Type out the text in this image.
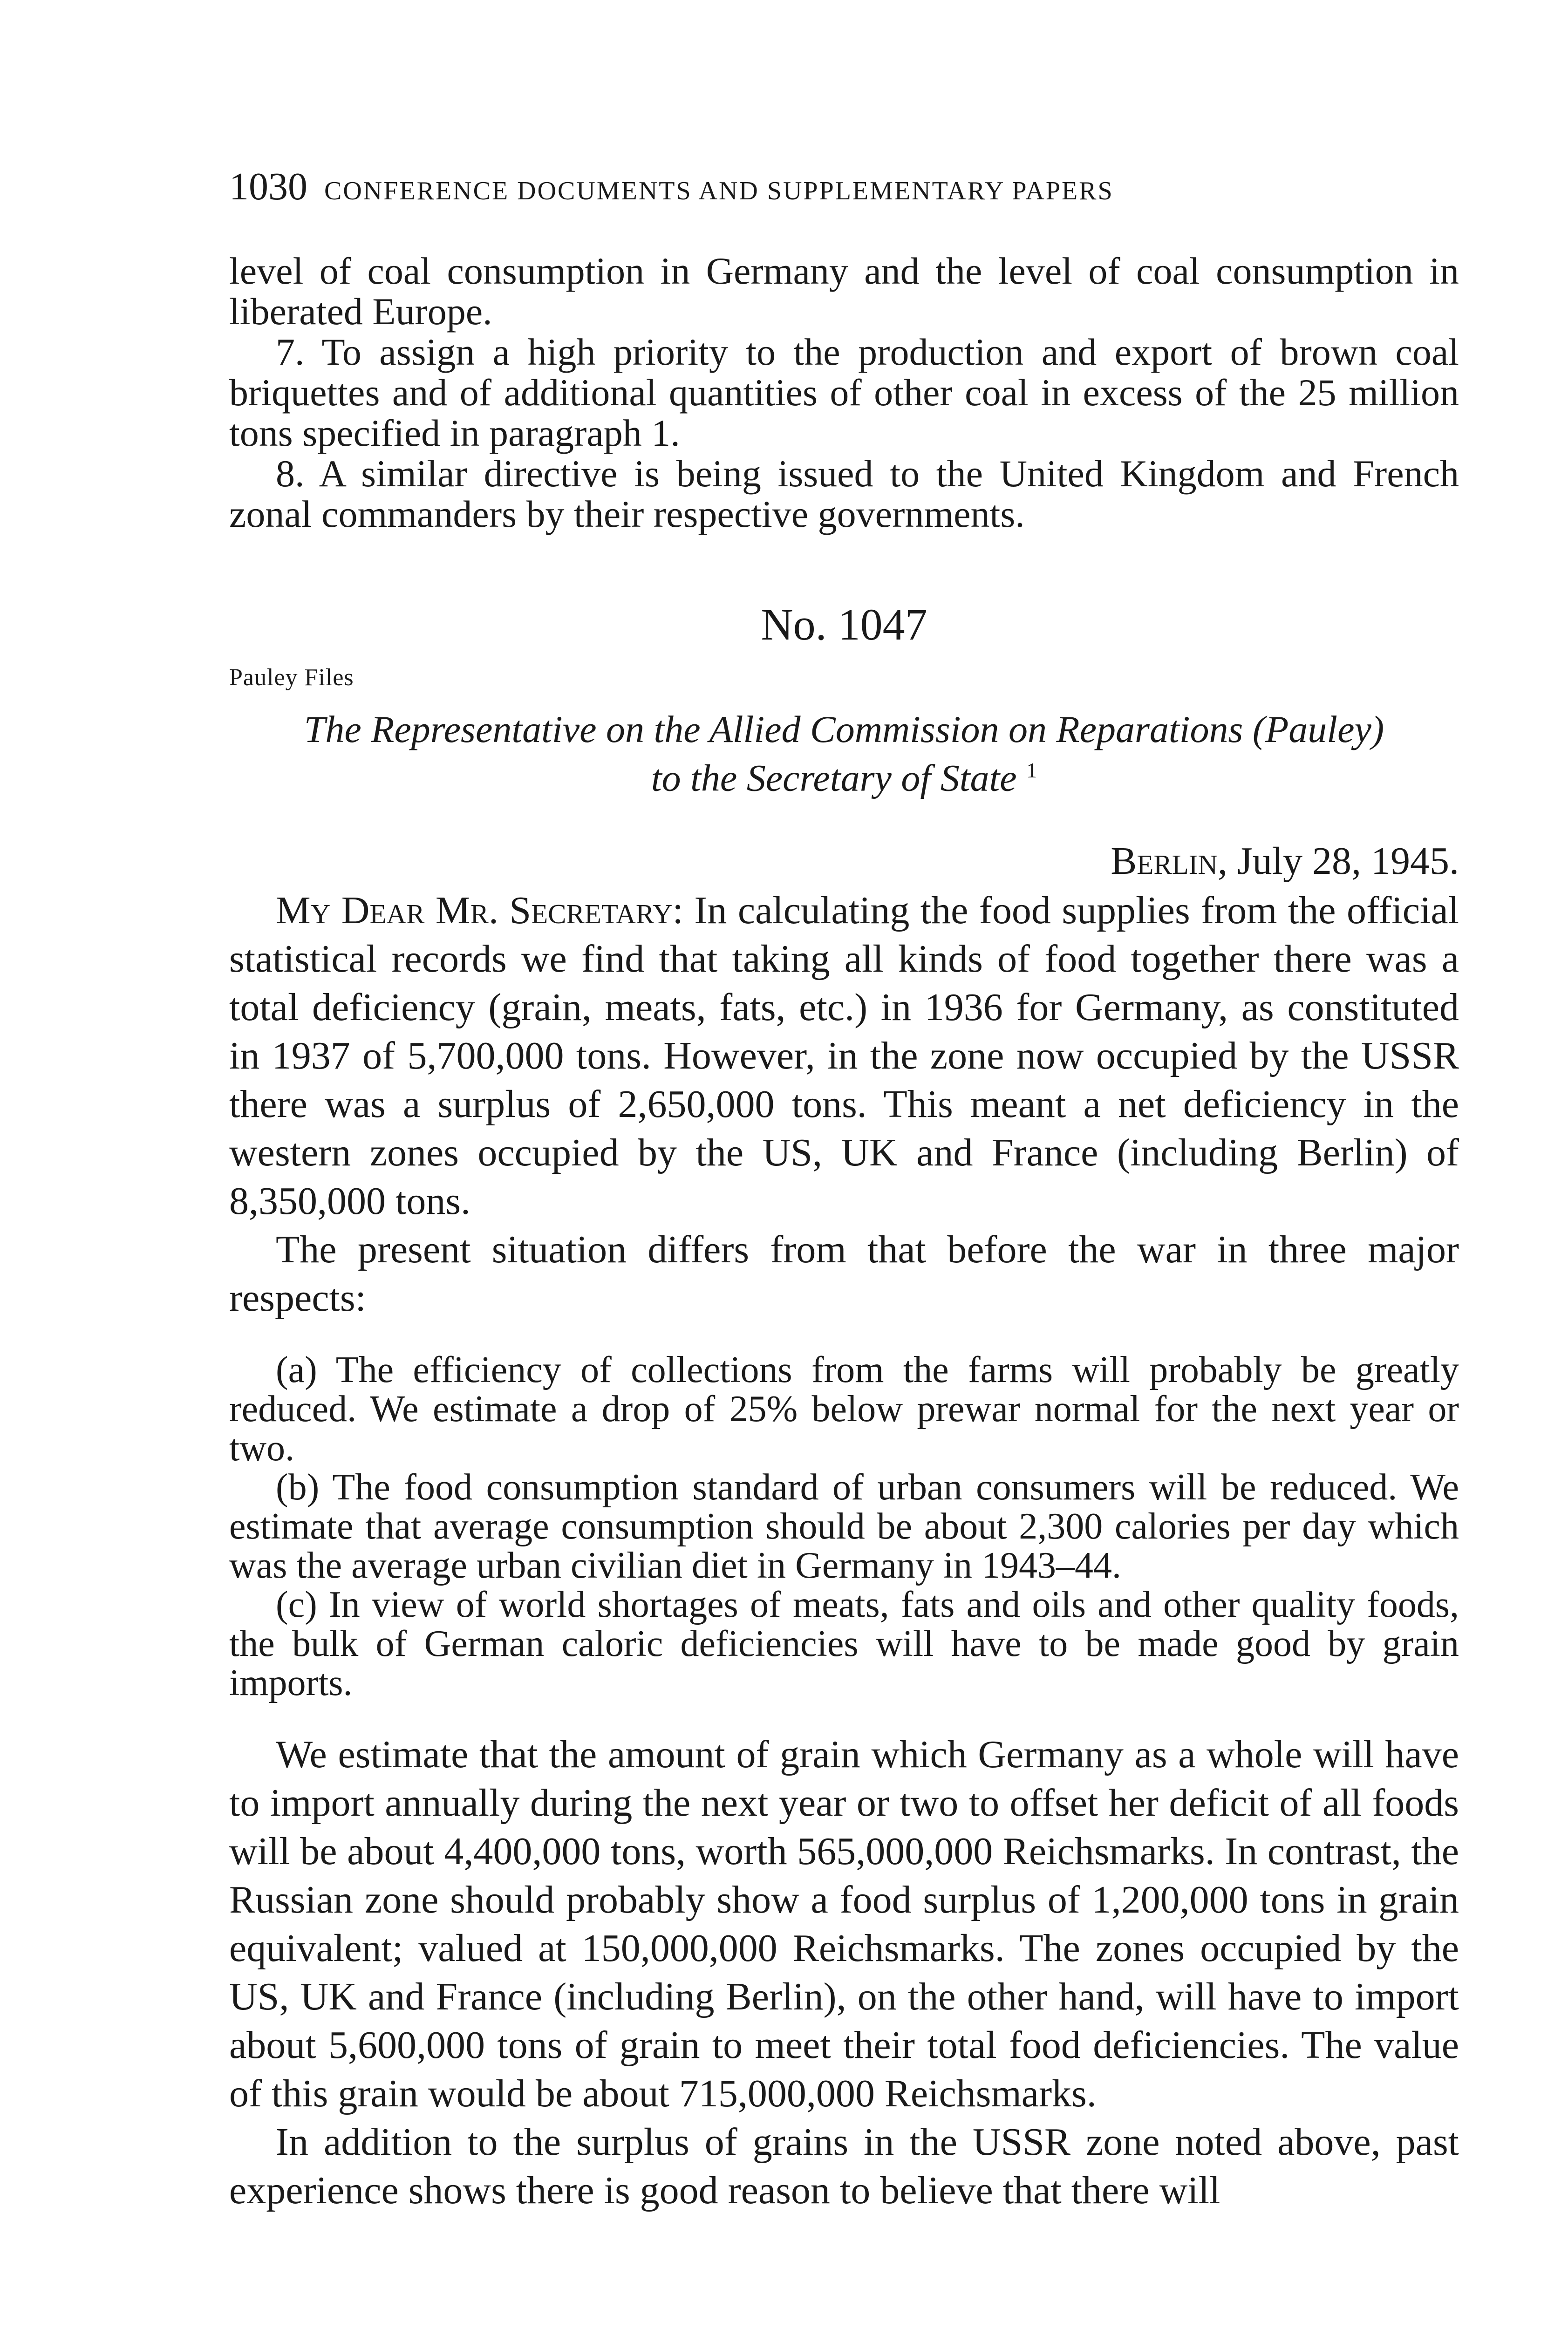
1030 CONFERENCE DOCUMENTS AND SUPPLEMENTARY PAPERS

level of coal consumption in Germany and the level of coal consumption in liberated Europe.

7. To assign a high priority to the production and export of brown coal briquettes and of additional quantities of other coal in excess of the 25 million tons specified in paragraph 1.

8. A similar directive is being issued to the United Kingdom and French zonal commanders by their respective governments.

No. 1047
Pauley Files
The Representative on the Allied Commission on Reparations (Pauley)
to the Secretary of State $^1$
Berlin, July 28, 1945.

My Dear Mr. Secretary: In calculating the food supplies from the official statistical records we find that taking all kinds of food together there was a total deficiency (grain, meats, fats, etc.) in 1936 for Germany, as constituted in 1937 of 5,700,000 tons. However, in the zone now occupied by the USSR there was a surplus of 2,650,000 tons. This meant a net deficiency in the western zones occupied by the US, UK and France (including Berlin) of 8,350,000 tons.

The present situation differs from that before the war in three major respects:

(a) The efficiency of collections from the farms will probably be greatly reduced. We estimate a drop of 25% below prewar normal for the next year or two.

(b) The food consumption standard of urban consumers will be reduced. We estimate that average consumption should be about 2,300 calories per day which was the average urban civilian diet in Germany in 1943–44.

(c) In view of world shortages of meats, fats and oils and other quality foods, the bulk of German caloric deficiencies will have to be made good by grain imports.

We estimate that the amount of grain which Germany as a whole will have to import annually during the next year or two to offset her deficit of all foods will be about 4,400,000 tons, worth 565,000,000 Reichsmarks. In contrast, the Russian zone should probably show a food surplus of 1,200,000 tons in grain equivalent; valued at 150,000,000 Reichsmarks. The zones occupied by the US, UK and France (including Berlin), on the other hand, will have to import about 5,600,000 tons of grain to meet their total food deficiencies. The value of this grain would be about 715,000,000 Reichsmarks.

In addition to the surplus of grains in the USSR zone noted above, past experience shows there is good reason to believe that there will
